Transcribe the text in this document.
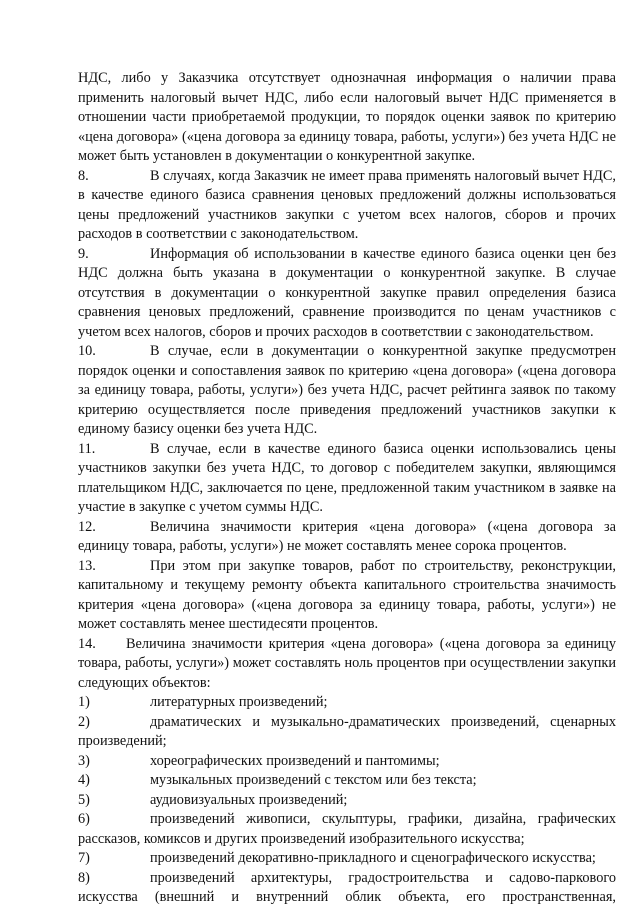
НДС, либо у Заказчика отсутствует однозначная информация о наличии права применить налоговый вычет НДС, либо если налоговый вычет НДС применяется в отношении части приобретаемой продукции, то порядок оценки заявок по критерию «цена договора» («цена договора за единицу товара, работы, услуги») без учета НДС не может быть установлен в документации о конкурентной закупке.

8.	В случаях, когда Заказчик не имеет права применять налоговый вычет НДС, в качестве единого базиса сравнения ценовых предложений должны использоваться цены предложений участников закупки с учетом всех налогов, сборов и прочих расходов в соответствии с законодательством.

9.	Информация об использовании в качестве единого базиса оценки цен без НДС должна быть указана в документации о конкурентной закупке. В случае отсутствия в документации о конкурентной закупке правил определения базиса сравнения ценовых предложений, сравнение производится по ценам участников с учетом всех налогов, сборов и прочих расходов в соответствии с законодательством.

10.	В случае, если в документации о конкурентной закупке предусмотрен порядок оценки и сопоставления заявок по критерию «цена договора» («цена договора за единицу товара, работы, услуги») без учета НДС, расчет рейтинга заявок по такому критерию осуществляется после приведения предложений участников закупки к единому базису оценки без учета НДС.

11.	В случае, если в качестве единого базиса оценки использовались цены участников закупки без учета НДС, то договор с победителем закупки, являющимся плательщиком НДС, заключается по цене, предложенной таким участником в заявке на участие в закупке с учетом суммы НДС.

12.	Величина значимости критерия «цена договора» («цена договора за единицу товара, работы, услуги») не может составлять менее сорока процентов.

13.	При этом при закупке товаров, работ по строительству, реконструкции, капитальному и текущему ремонту объекта капитального строительства значимость критерия «цена договора» («цена договора за единицу товара, работы, услуги») не может составлять менее шестидесяти процентов.

14. Величина значимости критерия «цена договора» («цена договора за единицу товара, работы, услуги») может составлять ноль процентов при осуществлении закупки следующих объектов:

1)	литературных произведений;

2)	драматических и музыкально-драматических произведений, сценарных произведений;

3)	хореографических произведений и пантомимы;

4)	музыкальных произведений с текстом или без текста;

5)	аудиовизуальных произведений;

6)	произведений живописи, скульптуры, графики, дизайна, графических рассказов, комиксов и других произведений изобразительного искусства;

7)	произведений декоративно-прикладного и сценографического искусства;

8)	произведений архитектуры, градостроительства и садово-паркового искусства (внешний и внутренний облик объекта, его пространственная,
